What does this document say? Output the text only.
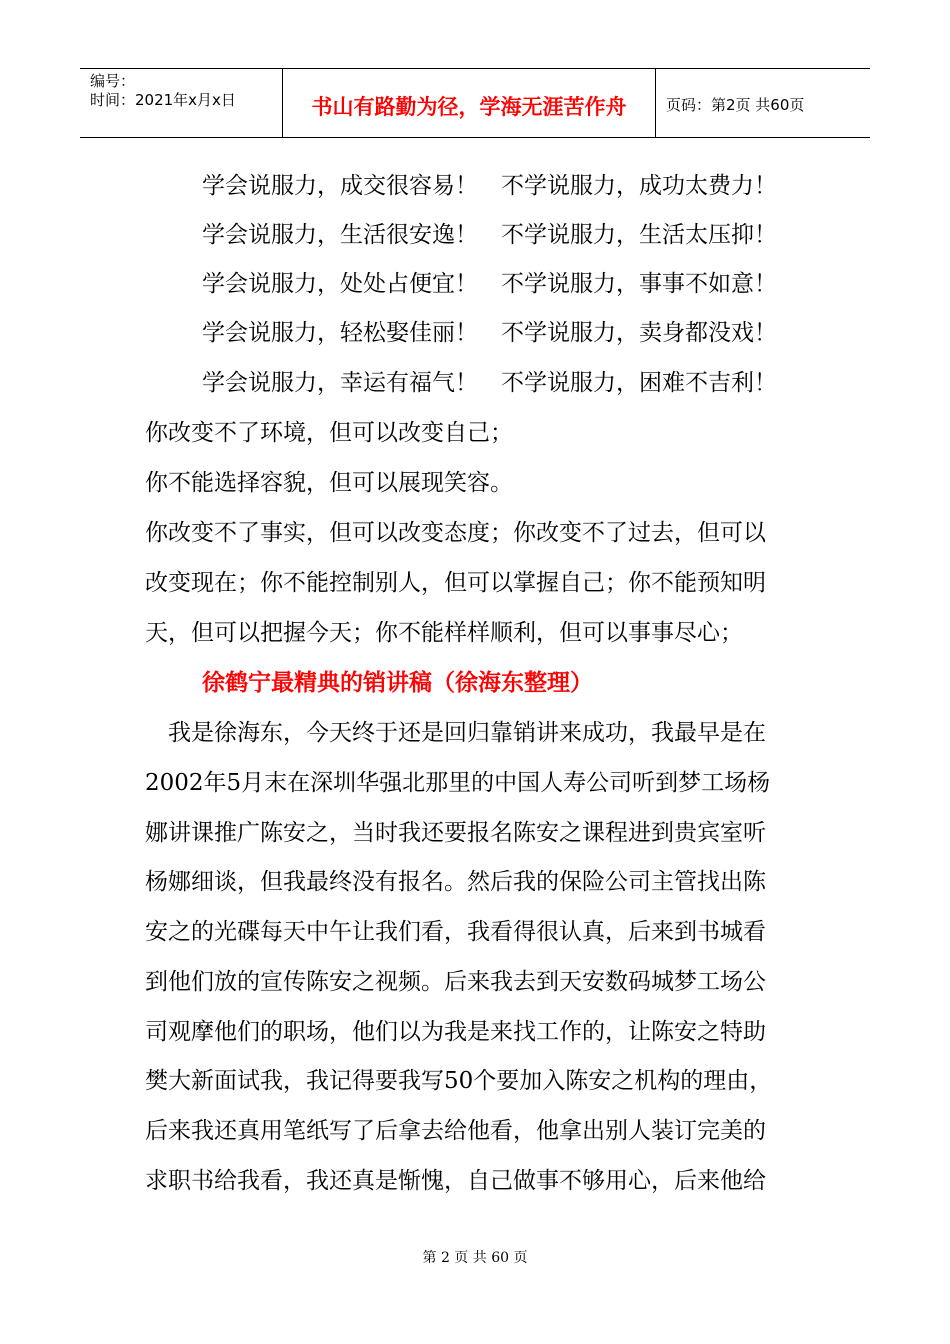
编号：
时间：2021年x月x日	书山有路勤为径，学海无涯苦作舟	页码：第2页 共60页
学会说服力，成交很容易！　不学说服力，成功太费力！
学会说服力，生活很安逸！　不学说服力，生活太压抑！
学会说服力，处处占便宜！　不学说服力，事事不如意！
学会说服力，轻松娶佳丽！　不学说服力，卖身都没戏！
学会说服力，幸运有福气！　不学说服力，困难不吉利！
你改变不了环境，但可以改变自己；
你不能选择容貌，但可以展现笑容。
你改变不了事实，但可以改变态度；你改变不了过去，但可以
改变现在；你不能控制别人，但可以掌握自己；你不能预知明
天，但可以把握今天；你不能样样顺利，但可以事事尽心；
徐鹤宁最精典的销讲稿（徐海东整理）
　我是徐海东，今天终于还是回归靠销讲来成功，我最早是在
2002年5月末在深圳华强北那里的中国人寿公司听到梦工场杨
娜讲课推广陈安之，当时我还要报名陈安之课程进到贵宾室听
杨娜细谈，但我最终没有报名。然后我的保险公司主管找出陈
安之的光碟每天中午让我们看，我看得很认真，后来到书城看
到他们放的宣传陈安之视频。后来我去到天安数码城梦工场公
司观摩他们的职场，他们以为我是来找工作的，让陈安之特助
樊大新面试我，我记得要我写50个要加入陈安之机构的理由，
后来我还真用笔纸写了后拿去给他看，他拿出别人装订完美的
求职书给我看，我还真是惭愧，自己做事不够用心，后来他给
第 2 页 共 60 页
